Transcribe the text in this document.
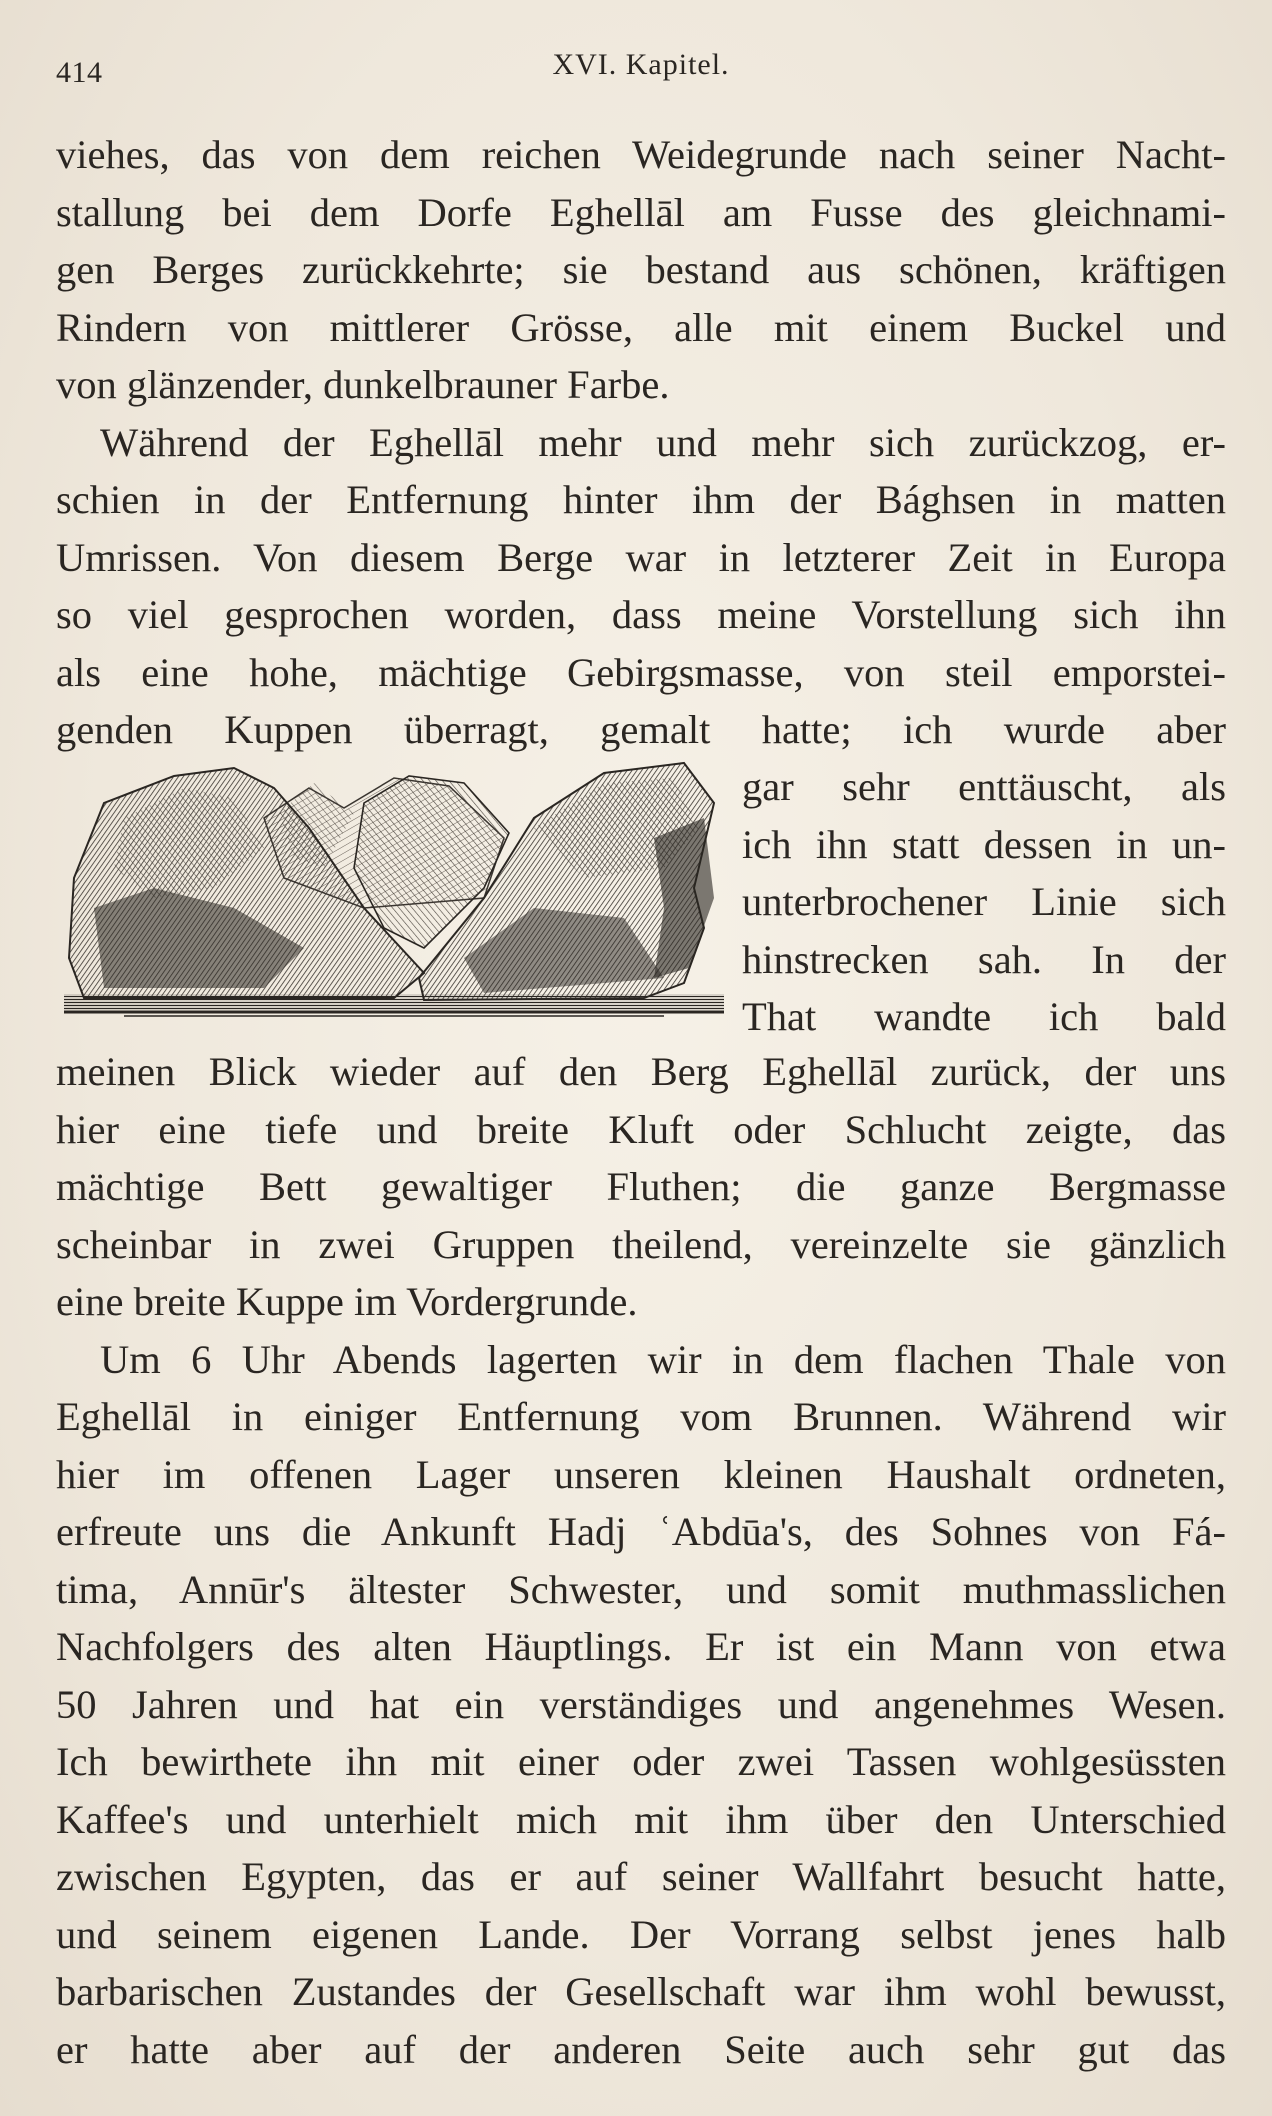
414	XVI. Kapitel.

viehes, das von dem reichen Weidegrunde nach seiner Nacht-
stallung bei dem Dorfe Eghellāl am Fusse des gleichnami-
gen Berges zurückkehrte; sie bestand aus schönen, kräftigen
Rindern von mittlerer Grösse, alle mit einem Buckel und
von glänzender, dunkelbrauner Farbe.

Während der Eghellāl mehr und mehr sich zurückzog, er-
schien in der Entfernung hinter ihm der Bághsen in matten
Umrissen. Von diesem Berge war in letzterer Zeit in Europa
so viel gesprochen worden, dass meine Vorstellung sich ihn
als eine hohe, mächtige Gebirgsmasse, von steil emporstei-
genden Kuppen überragt, gemalt hatte; ich wurde aber

gar sehr enttäuscht, als
ich ihn statt dessen in un-
unterbrochener Linie sich
hinstrecken sah. In der
That wandte ich bald

meinen Blick wieder auf den Berg Eghellāl zurück, der uns
hier eine tiefe und breite Kluft oder Schlucht zeigte, das
mächtige Bett gewaltiger Fluthen; die ganze Bergmasse
scheinbar in zwei Gruppen theilend, vereinzelte sie gänzlich
eine breite Kuppe im Vordergrunde.

Um 6 Uhr Abends lagerten wir in dem flachen Thale von
Eghellāl in einiger Entfernung vom Brunnen. Während wir
hier im offenen Lager unseren kleinen Haushalt ordneten,
erfreute uns die Ankunft Hadj ʿAbdūa's, des Sohnes von Fá-
tima, Annūr's ältester Schwester, und somit muthmasslichen
Nachfolgers des alten Häuptlings. Er ist ein Mann von etwa
50 Jahren und hat ein verständiges und angenehmes Wesen.
Ich bewirthete ihn mit einer oder zwei Tassen wohlgesüssten
Kaffee's und unterhielt mich mit ihm über den Unterschied
zwischen Egypten, das er auf seiner Wallfahrt besucht hatte,
und seinem eigenen Lande. Der Vorrang selbst jenes halb
barbarischen Zustandes der Gesellschaft war ihm wohl bewusst,
er hatte aber auf der anderen Seite auch sehr gut das
